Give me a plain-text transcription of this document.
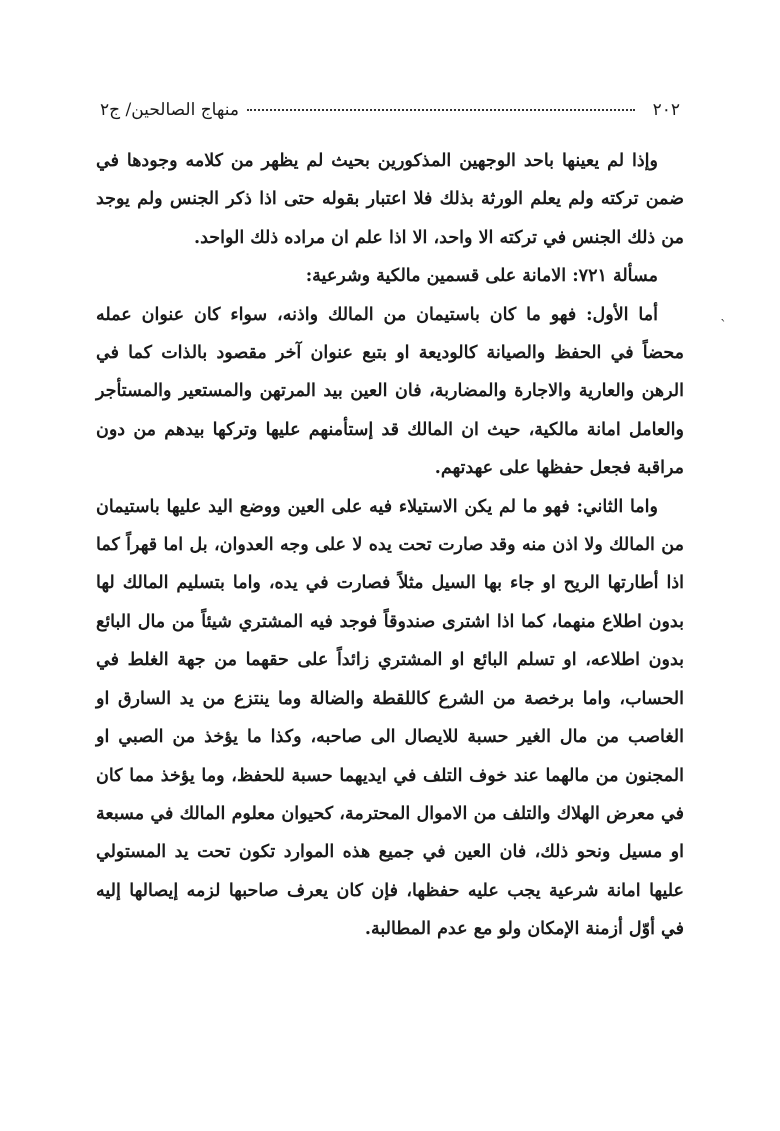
٢٠٢
منهاج الصالحين/ ج٢
ˋ

وإذا لم يعينها باحد الوجهين المذكورين بحيث لم يظهر من كلامه وجودها في ضمن تركته ولم يعلم الورثة بذلك فلا اعتبار بقوله حتى اذا ذكر الجنس ولم يوجد من ذلك الجنس في تركته الا واحد، الا اذا علم ان مراده ذلك الواحد.

مسألة ٧٢١: الامانة على قسمين مالكية وشرعية:

أما الأول: فهو ما كان باستيمان من المالك واذنه، سواء كان عنوان عمله محضاً في الحفظ والصيانة كالوديعة او بتبع عنوان آخر مقصود بالذات كما في الرهن والعارية والاجارة والمضاربة، فان العين بيد المرتهن والمستعير والمستأجر والعامل امانة مالكية، حيث ان المالك قد إستأمنهم عليها وتركها بيدهم من دون مراقبة فجعل حفظها على عهدتهم.

واما الثاني: فهو ما لم يكن الاستيلاء فيه على العين ووضع اليد عليها باستيمان من المالك ولا اذن منه وقد صارت تحت يده لا على وجه العدوان، بل اما قهراً كما اذا أطارتها الريح او جاء بها السيل مثلاً فصارت في يده، واما بتسليم المالك لها بدون اطلاع منهما، كما اذا اشترى صندوقاً فوجد فيه المشتري شيئاً من مال البائع بدون اطلاعه، او تسلم البائع او المشتري زائداً على حقهما من جهة الغلط في الحساب، واما برخصة من الشرع كاللقطة والضالة وما ينتزع من يد السارق او الغاصب من مال الغير حسبة للايصال الى صاحبه، وكذا ما يؤخذ من الصبي او المجنون من مالهما عند خوف التلف في ايديهما حسبة للحفظ، وما يؤخذ مما كان في معرض الهلاك والتلف من الاموال المحترمة، كحيوان معلوم المالك في مسبعة او مسيل ونحو ذلك، فان العين في جميع هذه الموارد تكون تحت يد المستولي عليها امانة شرعية يجب عليه حفظها، فإن كان يعرف صاحبها لزمه إيصالها إليه في أوّل أزمنة الإمكان ولو مع عدم المطالبة.
